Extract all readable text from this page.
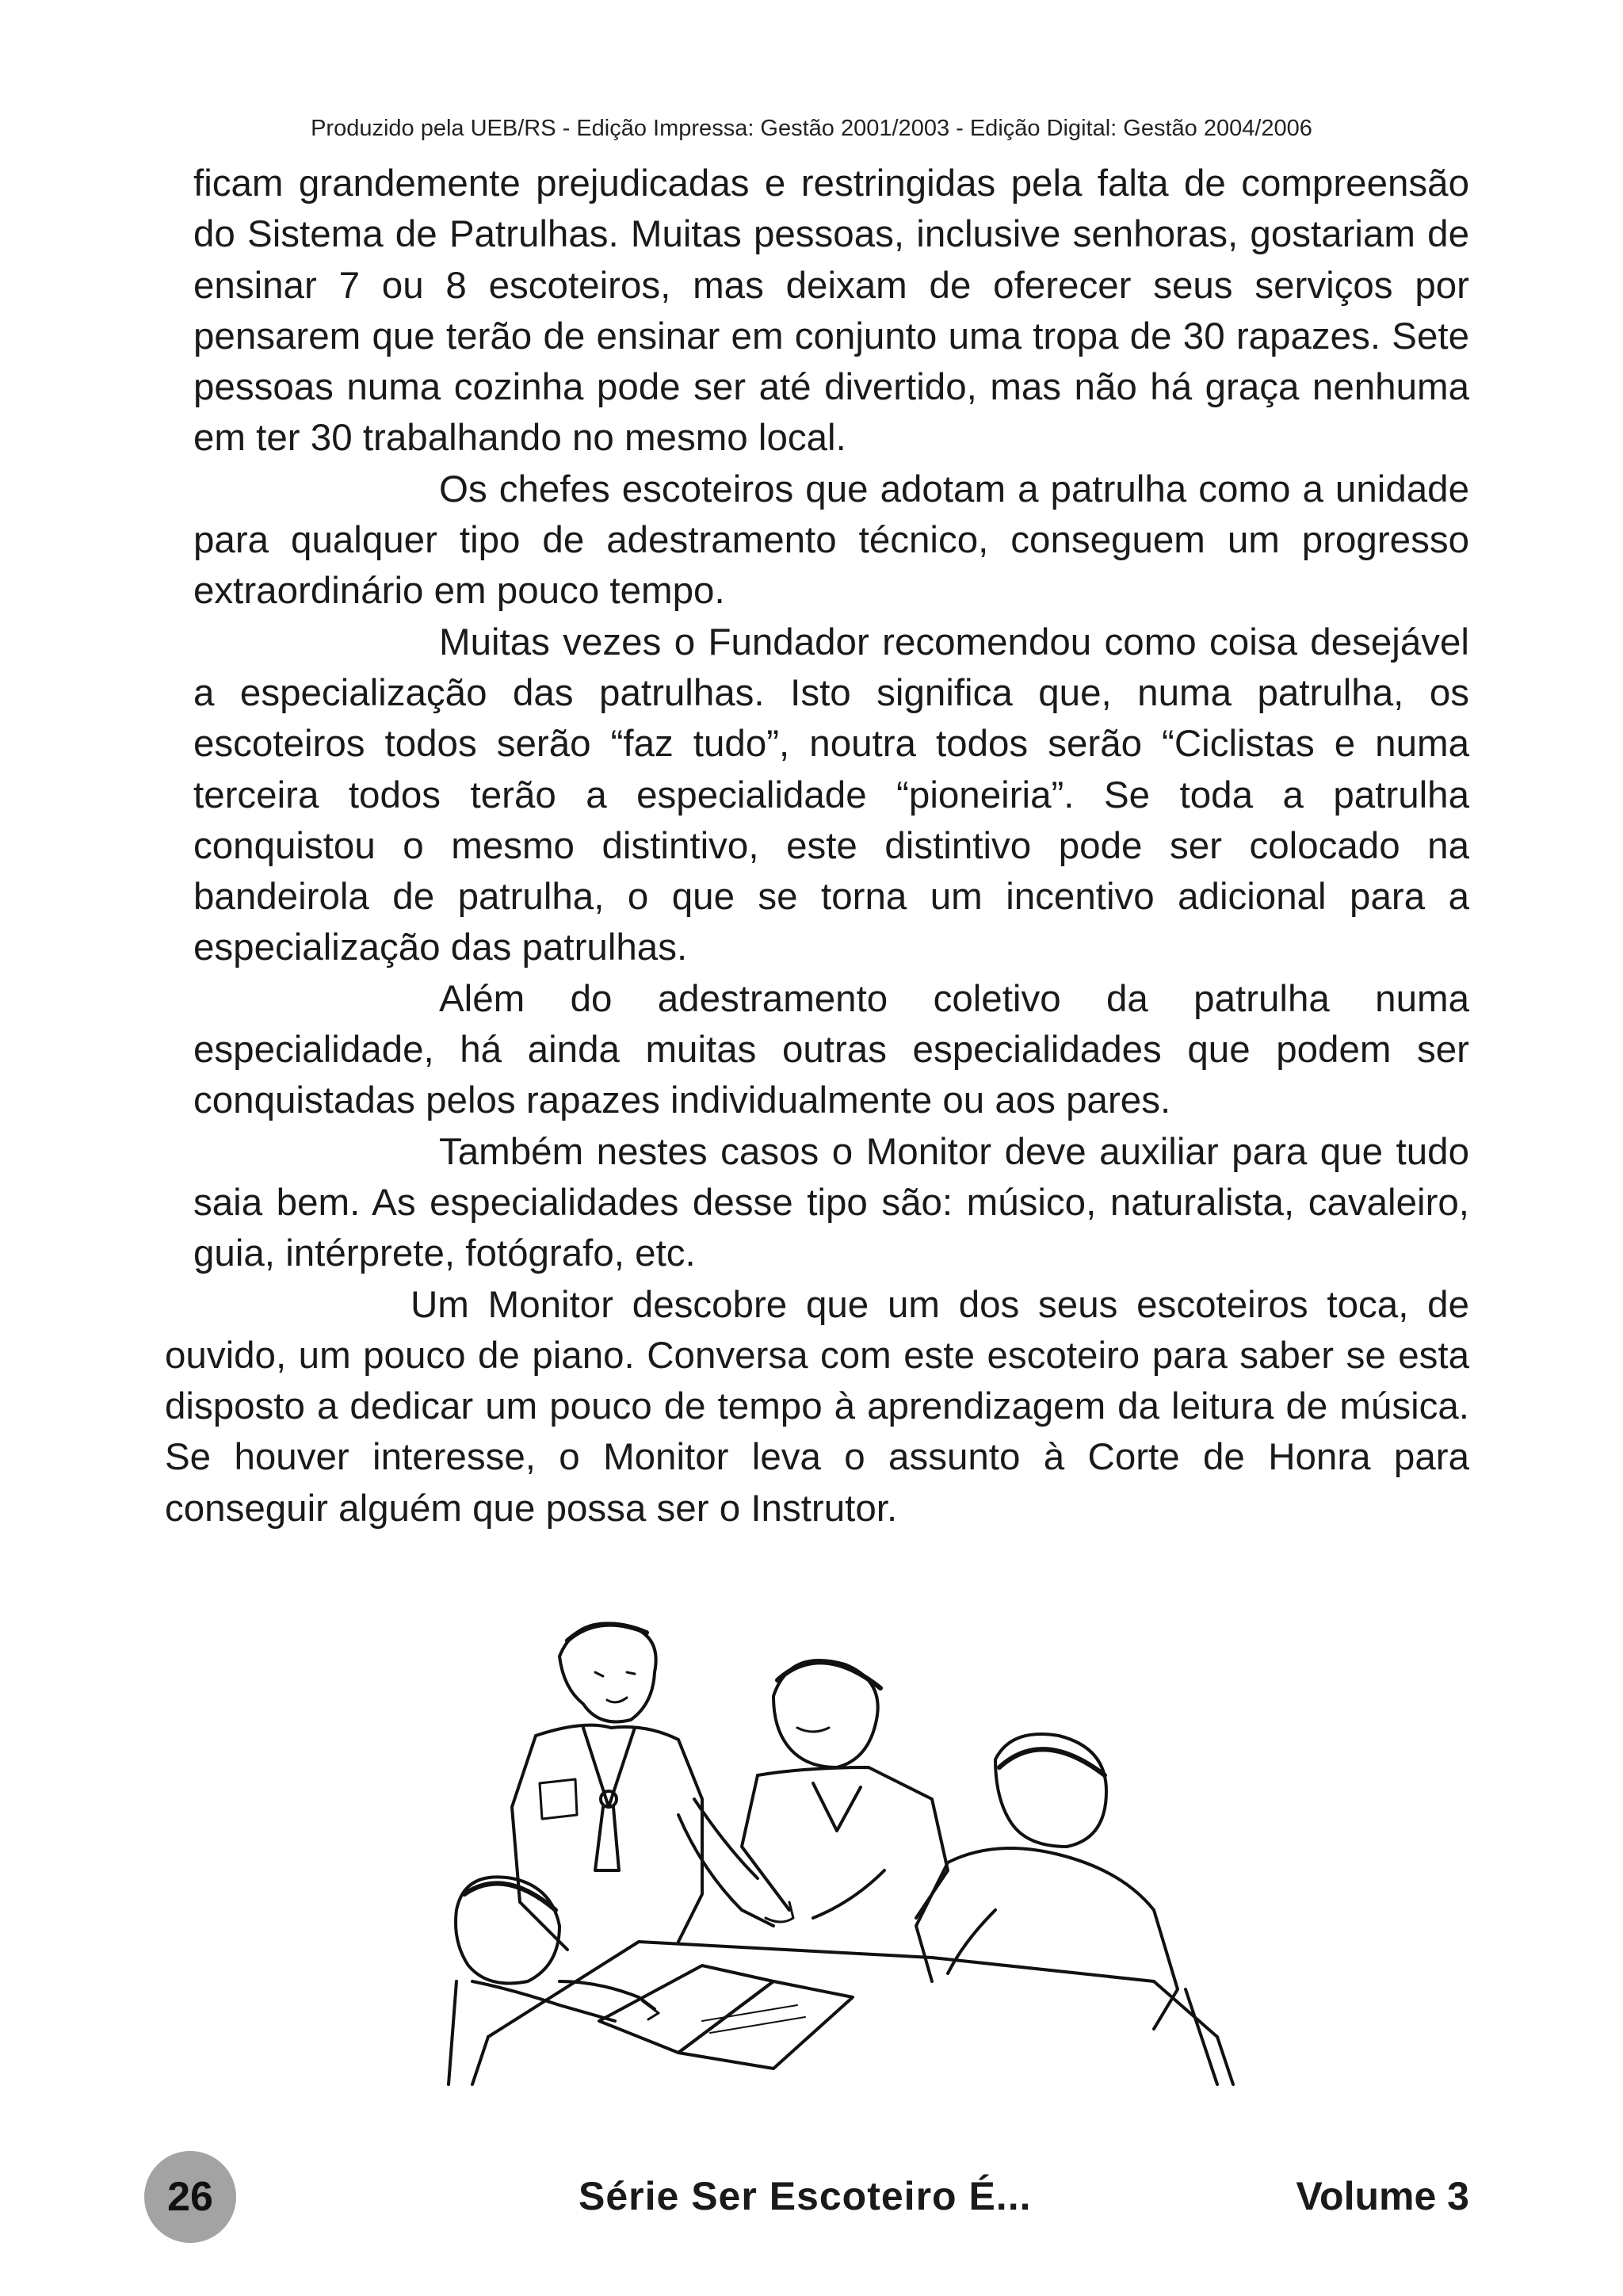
Produzido pela UEB/RS - Edição Impressa: Gestão 2001/2003 - Edição Digital: Gestão 2004/2006

ficam grandemente prejudicadas e restringidas pela falta de compreensão do Sistema de Patrulhas. Muitas pessoas, inclusive senhoras, gostariam de ensinar 7 ou 8 escoteiros, mas deixam de oferecer seus serviços por pensarem que terão de ensinar em conjunto uma tropa de 30 rapazes. Sete pessoas numa cozinha pode ser até divertido, mas não há graça nenhuma em ter 30 trabalhando no mesmo local.

Os chefes escoteiros que adotam a patrulha como a unidade para qualquer tipo de adestramento técnico, conseguem um progresso extraordinário em pouco tempo.

Muitas vezes o Fundador recomendou como coisa desejável a especialização das patrulhas. Isto significa que, numa patrulha, os escoteiros todos serão “faz tudo”, noutra todos serão “Ciclistas e numa terceira todos terão a especialidade “pioneiria”. Se toda a patrulha conquistou o mesmo distintivo, este distintivo pode ser colocado na bandeirola de patrulha, o que se torna um incentivo adicional para a especialização das patrulhas.

Além do adestramento coletivo da patrulha numa especialidade, há ainda muitas outras especialidades que podem ser conquistadas pelos rapazes individualmente ou aos pares.

Também nestes casos o Monitor deve auxiliar para que tudo saia bem. As especialidades desse tipo são: músico, naturalista, cavaleiro, guia, intérprete, fotógrafo, etc.

Um Monitor descobre que um dos seus escoteiros toca, de ouvido, um pouco de piano. Conversa com este escoteiro para saber se esta disposto a dedicar um pouco de tempo à aprendizagem da leitura de música. Se houver interesse, o Monitor leva o assunto à Corte de Honra para conseguir alguém que possa ser o Instrutor.

26	Série Ser Escoteiro É...	Volume 3
